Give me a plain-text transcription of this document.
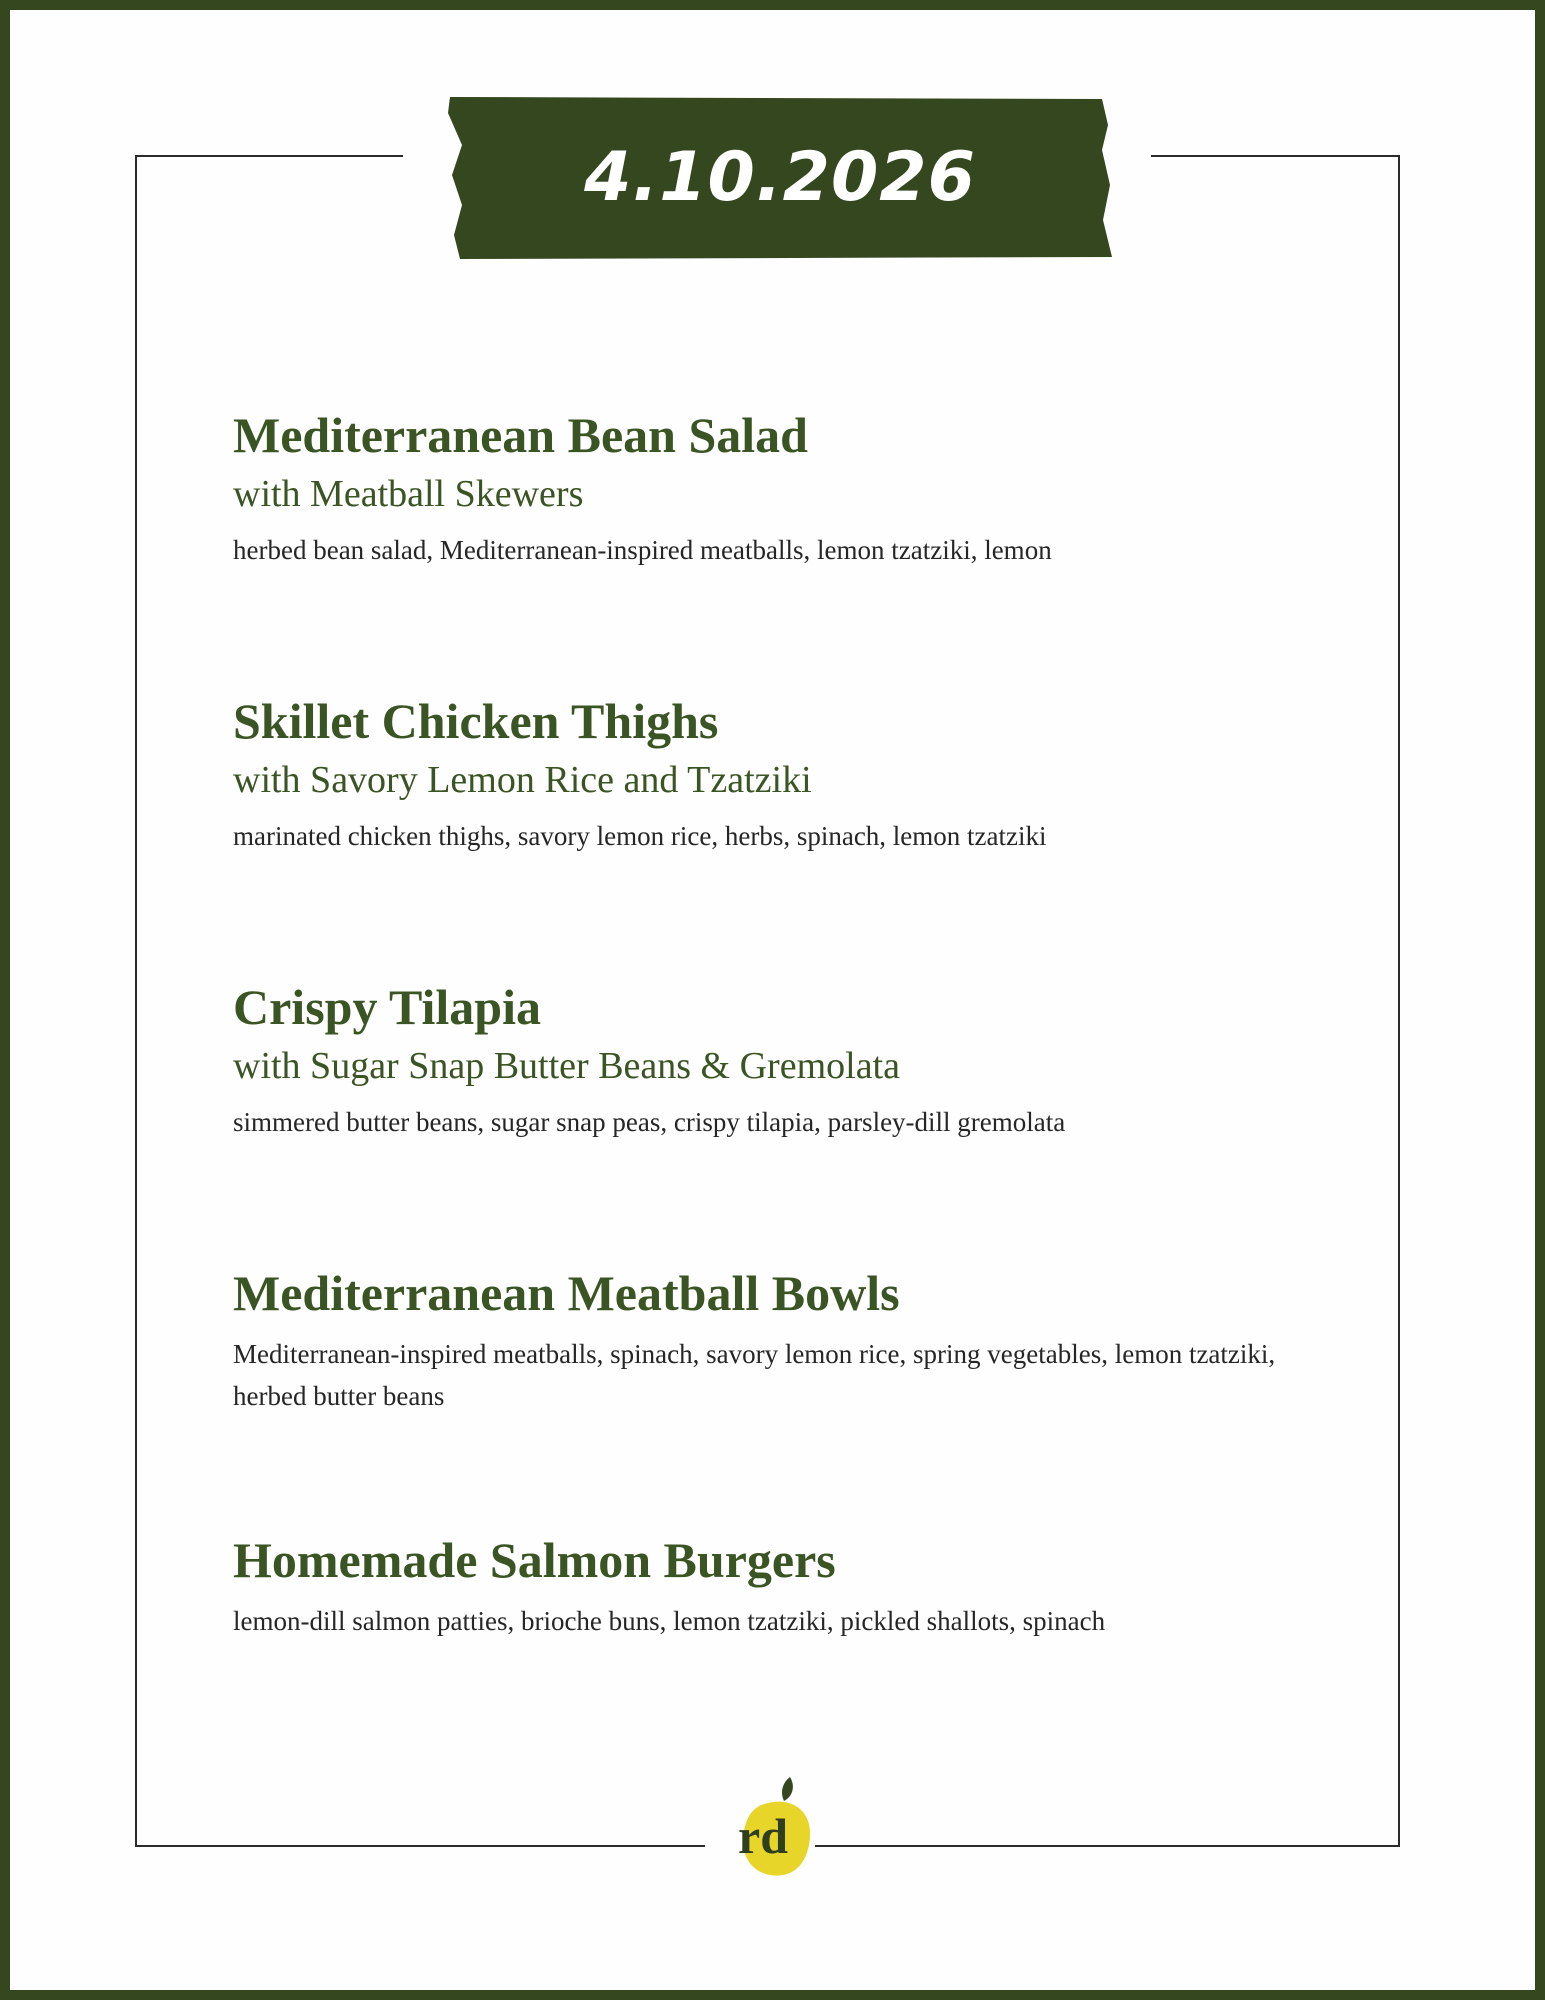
4.10.2026
Mediterranean Bean Salad
with Meatball Skewers
herbed bean salad, Mediterranean-inspired meatballs, lemon tzatziki, lemon
Skillet Chicken Thighs
with Savory Lemon Rice and Tzatziki
marinated chicken thighs, savory lemon rice, herbs, spinach, lemon tzatziki
Crispy Tilapia
with Sugar Snap Butter Beans & Gremolata
simmered butter beans, sugar snap peas, crispy tilapia, parsley-dill gremolata
Mediterranean Meatball Bowls
Mediterranean-inspired meatballs, spinach, savory lemon rice, spring vegetables, lemon tzatziki, herbed butter beans
Homemade Salmon Burgers
lemon-dill salmon patties, brioche buns, lemon tzatziki, pickled shallots, spinach
rd
